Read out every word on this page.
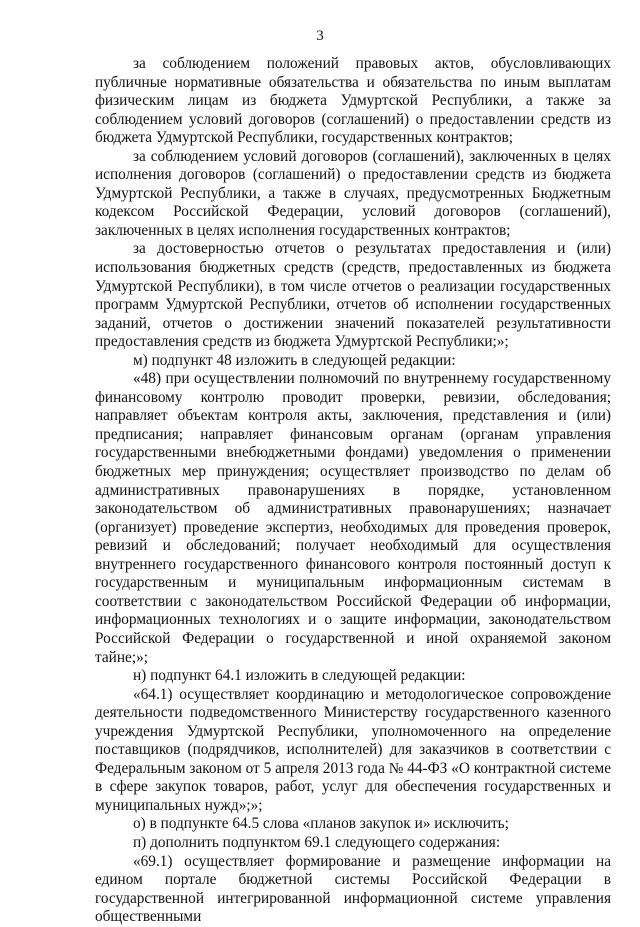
3

за соблюдением положений правовых актов, обусловливающих публичные нормативные обязательства и обязательства по иным выплатам физическим лицам из бюджета Удмуртской Республики, а также за соблюдением условий договоров (соглашений) о предоставлении средств из бюджета Удмуртской Республики, государственных контрактов;

за соблюдением условий договоров (соглашений), заключенных в целях исполнения договоров (соглашений) о предоставлении средств из бюджета Удмуртской Республики, а также в случаях, предусмотренных Бюджетным кодексом Российской Федерации, условий договоров (соглашений), заключенных в целях исполнения государственных контрактов;

за достоверностью отчетов о результатах предоставления и (или) использования бюджетных средств (средств, предоставленных из бюджета Удмуртской Республики), в том числе отчетов о реализации государственных программ Удмуртской Республики, отчетов об исполнении государственных заданий, отчетов о достижении значений показателей результативности предоставления средств из бюджета Удмуртской Республики;»;

м) подпункт 48 изложить в следующей редакции:

«48) при осуществлении полномочий по внутреннему государственному финансовому контролю проводит проверки, ревизии, обследования; направляет объектам контроля акты, заключения, представления и (или) предписания; направляет финансовым органам (органам управления государственными внебюджетными фондами) уведомления о применении бюджетных мер принуждения; осуществляет производство по делам об административных правонарушениях в порядке, установленном законодательством об административных правонарушениях; назначает (организует) проведение экспертиз, необходимых для проведения проверок, ревизий и обследований; получает необходимый для осуществления внутреннего государственного финансового контроля постоянный доступ к государственным и муниципальным информационным системам в соответствии с законодательством Российской Федерации об информации, информационных технологиях и о защите информации, законодательством Российской Федерации о государственной и иной охраняемой законом тайне;»;

н) подпункт 64.1 изложить в следующей редакции:

«64.1) осуществляет координацию и методологическое сопровождение деятельности подведомственного Министерству государственного казенного учреждения Удмуртской Республики, уполномоченного на определение поставщиков (подрядчиков, исполнителей) для заказчиков в соответствии с Федеральным законом от 5 апреля 2013 года № 44-ФЗ «О контрактной системе в сфере закупок товаров, работ, услуг для обеспечения государственных и муниципальных нужд»;»;

о) в подпункте 64.5 слова «планов закупок и» исключить;

п) дополнить подпунктом 69.1 следующего содержания:

«69.1) осуществляет формирование и размещение информации на едином портале бюджетной системы Российской Федерации в государственной интегрированной информационной системе управления общественными
